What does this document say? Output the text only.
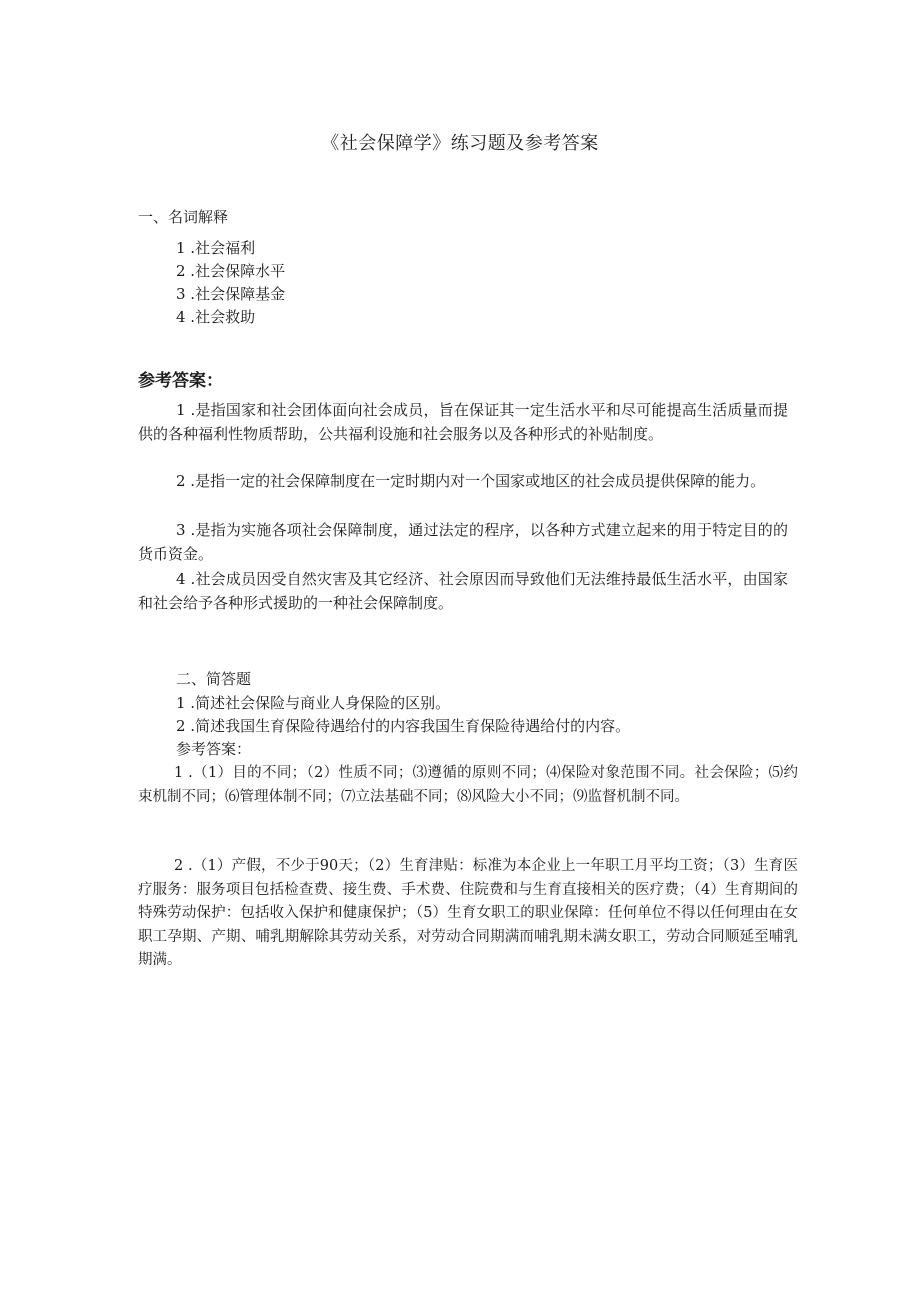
《社会保障学》练习题及参考答案
一、名词解释
1 .社会福利
2 .社会保障水平
3 .社会保障基金
4 .社会救助
参考答案：
1 .是指国家和社会团体面向社会成员，旨在保证其一定生活水平和尽可能提高生活质量而提供的各种福利性物质帮助，公共福利设施和社会服务以及各种形式的补贴制度。
2 .是指一定的社会保障制度在一定时期内对一个国家或地区的社会成员提供保障的能力。
3 .是指为实施各项社会保障制度，通过法定的程序，以各种方式建立起来的用于特定目的的货币资金。
4 .社会成员因受自然灾害及其它经济、社会原因而导致他们无法维持最低生活水平，由国家和社会给予各种形式援助的一种社会保障制度。
二、简答题
1 .简述社会保险与商业人身保险的区别。
2 .简述我国生育保险待遇给付的内容我国生育保险待遇给付的内容。
参考答案：
1 .（1）目的不同；（2）性质不同；⑶遵循的原则不同；⑷保险对象范围不同。社会保险；⑸约束机制不同；⑹管理体制不同；⑺立法基础不同；⑻风险大小不同；⑼监督机制不同。
2 .（1）产假，不少于90天；（2）生育津贴：标准为本企业上一年职工月平均工资；（3）生育医疗服务：服务项目包括检查费、接生费、手术费、住院费和与生育直接相关的医疗费；（4）生育期间的特殊劳动保护：包括收入保护和健康保护；（5）生育女职工的职业保障：任何单位不得以任何理由在女职工孕期、产期、哺乳期解除其劳动关系，对劳动合同期满而哺乳期未满女职工，劳动合同顺延至哺乳期满。
